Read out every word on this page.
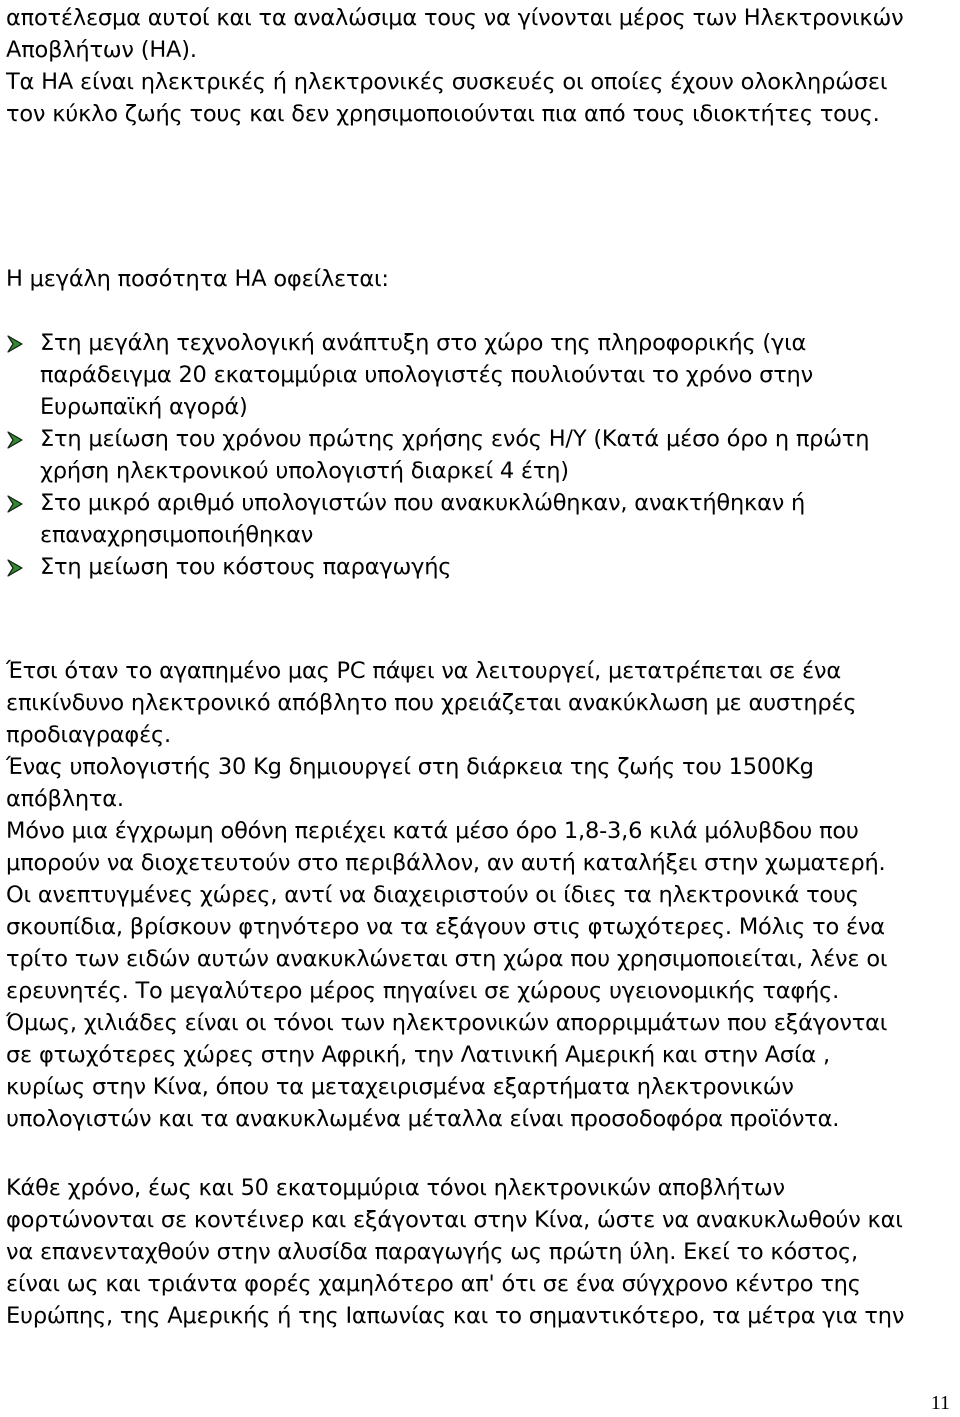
αποτέλεσμα αυτοί και τα αναλώσιμα τους να γίνονται μέρος των Ηλεκτρονικών
Αποβλήτων (ΗΑ).
Τα ΗΑ είναι ηλεκτρικές ή ηλεκτρονικές συσκευές οι οποίες έχουν ολοκληρώσει
τον κύκλο ζωής τους και δεν χρησιμοποιούνται πια από τους ιδιοκτήτες τους.
Η μεγάλη ποσότητα ΗΑ οφείλεται:
Στη μεγάλη τεχνολογική ανάπτυξη στο χώρο της πληροφορικής (για
παράδειγμα 20 εκατομμύρια υπολογιστές πουλιούνται το χρόνο στην
Ευρωπαϊκή αγορά)
Στη μείωση του χρόνου πρώτης χρήσης ενός Η/Υ (Κατά μέσο όρο η πρώτη
χρήση ηλεκτρονικού υπολογιστή διαρκεί 4 έτη)
Στο μικρό αριθμό υπολογιστών που ανακυκλώθηκαν, ανακτήθηκαν ή
επαναχρησιμοποιήθηκαν
Στη μείωση του κόστους παραγωγής
Έτσι όταν το αγαπημένο μας PC πάψει να λειτουργεί, μετατρέπεται σε ένα
επικίνδυνο ηλεκτρονικό απόβλητο που χρειάζεται ανακύκλωση με αυστηρές
προδιαγραφές.
Ένας υπολογιστής 30 Kg δημιουργεί στη διάρκεια της ζωής του 1500Kg
απόβλητα.
Μόνο μια έγχρωμη οθόνη περιέχει κατά μέσο όρο 1,8-3,6 κιλά μόλυβδου που
μπορούν να διοχετευτούν στο περιβάλλον, αν αυτή καταλήξει στην χωματερή.
Οι ανεπτυγμένες χώρες, αντί να διαχειριστούν οι ίδιες τα ηλεκτρονικά τους
σκουπίδια, βρίσκουν φτηνότερο να τα εξάγουν στις φτωχότερες. Μόλις το ένα
τρίτο των ειδών αυτών ανακυκλώνεται στη χώρα που χρησιμοποιείται, λένε οι
ερευνητές. Το μεγαλύτερο μέρος πηγαίνει σε χώρους υγειονομικής ταφής.
Όμως, χιλιάδες είναι οι τόνοι των ηλεκτρονικών απορριμμάτων που εξάγονται
σε φτωχότερες χώρες στην Αφρική, την Λατινική Αμερική και στην Ασία ,
κυρίως στην Κίνα, όπου τα μεταχειρισμένα εξαρτήματα ηλεκτρονικών
υπολογιστών και τα ανακυκλωμένα μέταλλα είναι προσοδοφόρα προϊόντα.
Κάθε χρόνο, έως και 50 εκατομμύρια τόνοι ηλεκτρονικών αποβλήτων
φορτώνονται σε κοντέινερ και εξάγονται στην Κίνα, ώστε να ανακυκλωθούν και
να επανενταχθούν στην αλυσίδα παραγωγής ως πρώτη ύλη. Εκεί το κόστος,
είναι ως και τριάντα φορές χαμηλότερο απ' ότι σε ένα σύγχρονο κέντρο της
Ευρώπης, της Αμερικής ή της Ιαπωνίας και το σημαντικότερο, τα μέτρα για την
11
